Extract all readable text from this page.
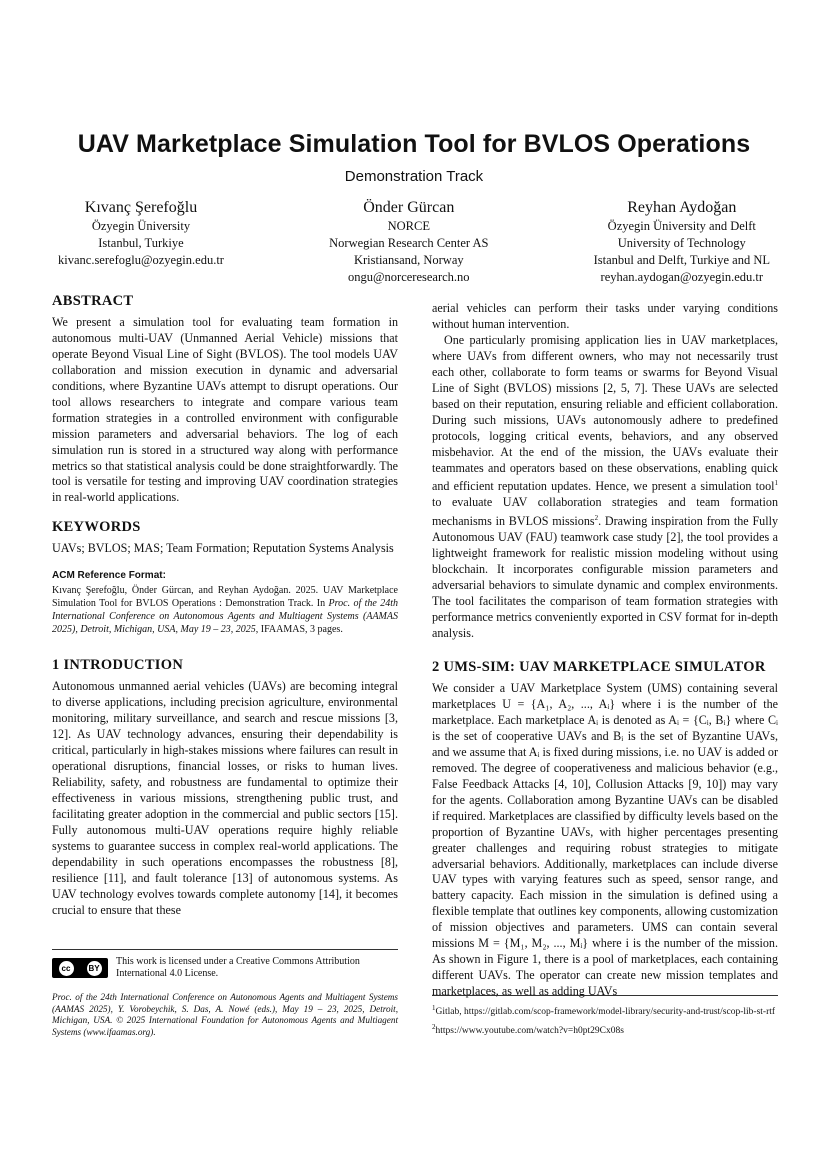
UAV Marketplace Simulation Tool for BVLOS Operations
Demonstration Track
Kıvanç Şerefoğlu
Özyegin Üniversity
Istanbul, Turkiye
kivanc.serefoglu@ozyegin.edu.tr
Önder Gürcan
NORCE
Norwegian Research Center AS
Kristiansand, Norway
ongu@norceresearch.no
Reyhan Aydoğan
Özyegin Üniversity and Delft
University of Technology
Istanbul and Delft, Turkiye and NL
reyhan.aydogan@ozyegin.edu.tr
ABSTRACT

We present a simulation tool for evaluating team formation in autonomous multi-UAV (Unmanned Aerial Vehicle) missions that operate Beyond Visual Line of Sight (BVLOS). The tool models UAV collaboration and mission execution in dynamic and adversarial conditions, where Byzantine UAVs attempt to disrupt operations. Our tool allows researchers to integrate and compare various team formation strategies in a controlled environment with configurable mission parameters and adversarial behaviors. The log of each simulation run is stored in a structured way along with performance metrics so that statistical analysis could be done straightforwardly. The tool is versatile for testing and improving UAV coordination strategies in real-world applications.

KEYWORDS

UAVs; BVLOS; MAS; Team Formation; Reputation Systems Analysis

ACM Reference Format:
Kıvanç Şerefoğlu, Önder Gürcan, and Reyhan Aydoğan. 2025. UAV Marketplace Simulation Tool for BVLOS Operations : Demonstration Track. In Proc. of the 24th International Conference on Autonomous Agents and Multiagent Systems (AAMAS 2025), Detroit, Michigan, USA, May 19 – 23, 2025, IFAAMAS, 3 pages.
1 INTRODUCTION

Autonomous unmanned aerial vehicles (UAVs) are becoming integral to diverse applications, including precision agriculture, environmental monitoring, military surveillance, and search and rescue missions [3, 12]. As UAV technology advances, ensuring their dependability is critical, particularly in high-stakes missions where failures can result in operational disruptions, financial losses, or risks to human lives. Reliability, safety, and robustness are fundamental to optimize their effectiveness in various missions, strengthening public trust, and facilitating greater adoption in the commercial and public sectors [15]. Fully autonomous multi-UAV operations require highly reliable systems to guarantee success in complex real-world applications. The dependability in such operations encompasses the robustness [8], resilience [11], and fault tolerance [13] of autonomous systems. As UAV technology evolves towards complete autonomy [14], it becomes crucial to ensure that these

cc	BY
This work is licensed under a Creative Commons Attribution International 4.0 License.
Proc. of the 24th International Conference on Autonomous Agents and Multiagent Systems (AAMAS 2025), Y. Vorobeychik, S. Das, A. Nowé (eds.), May 19 – 23, 2025, Detroit, Michigan, USA. © 2025 International Foundation for Autonomous Agents and Multiagent Systems (www.ifaamas.org).

aerial vehicles can perform their tasks under varying conditions without human intervention.

One particularly promising application lies in UAV marketplaces, where UAVs from different owners, who may not necessarily trust each other, collaborate to form teams or swarms for Beyond Visual Line of Sight (BVLOS) missions [2, 5, 7]. These UAVs are selected based on their reputation, ensuring reliable and efficient collaboration. During such missions, UAVs autonomously adhere to predefined protocols, logging critical events, behaviors, and any observed misbehavior. At the end of the mission, the UAVs evaluate their teammates and operators based on these observations, enabling quick and efficient reputation updates. Hence, we present a simulation tool$^1$ to evaluate UAV collaboration strategies and team formation mechanisms in BVLOS missions$^2$. Drawing inspiration from the Fully Autonomous UAV (FAU) teamwork case study [2], the tool provides a lightweight framework for realistic mission modeling without using blockchain. It incorporates configurable mission parameters and adversarial behaviors to simulate dynamic and complex environments. The tool facilitates the comparison of team formation strategies with performance metrics conveniently exported in CSV format for in-depth analysis.

2 UMS-SIM: UAV MARKETPLACE SIMULATOR

We consider a UAV Marketplace System (UMS) containing several marketplaces U = {A₁, A₂, ..., Aᵢ} where i is the number of the marketplace. Each marketplace Aᵢ is denoted as Aᵢ = {Cᵢ, Bᵢ} where Cᵢ is the set of cooperative UAVs and Bᵢ is the set of Byzantine UAVs, and we assume that Aᵢ is fixed during missions, i.e. no UAV is added or removed. The degree of cooperativeness and malicious behavior (e.g., False Feedback Attacks [4, 10], Collusion Attacks [9, 10]) may vary for the agents. Collaboration among Byzantine UAVs can be disabled if required. Marketplaces are classified by difficulty levels based on the proportion of Byzantine UAVs, with higher percentages presenting greater challenges and requiring robust strategies to mitigate adversarial behaviors. Additionally, marketplaces can include diverse UAV types with varying features such as speed, sensor range, and battery capacity. Each mission in the simulation is defined using a flexible template that outlines key components, allowing customization of mission objectives and parameters. UMS can contain several missions M = {M₁, M₂, ..., Mᵢ} where i is the number of the mission. As shown in Figure 1, there is a pool of marketplaces, each containing different UAVs. The operator can create new mission templates and marketplaces, as well as adding UAVs

$^1$Gitlab, https://gitlab.com/scop-framework/model-library/security-and-trust/scop-lib-st-rtf
$^2$https://www.youtube.com/watch?v=h0pt29Cx08s
